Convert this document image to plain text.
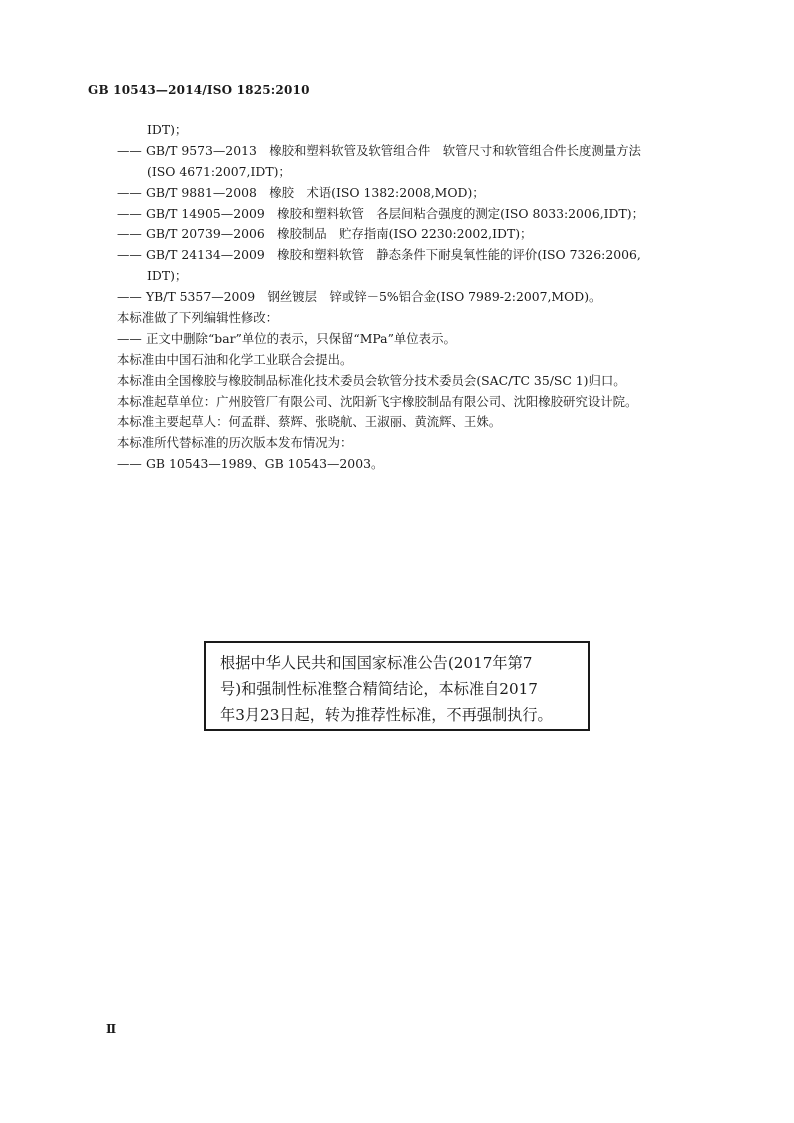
GB 10543—2014/ISO 1825:2010
IDT)；
—— GB/T 9573—2013　橡胶和塑料软管及软管组合件　软管尺寸和软管组合件长度测量方法
(ISO 4671:2007,IDT)；
—— GB/T 9881—2008　橡胶　术语(ISO 1382:2008,MOD)；
—— GB/T 14905—2009　橡胶和塑料软管　各层间粘合强度的测定(ISO 8033:2006,IDT)；
—— GB/T 20739—2006　橡胶制品　贮存指南(ISO 2230:2002,IDT)；
—— GB/T 24134—2009　橡胶和塑料软管　静态条件下耐臭氧性能的评价(ISO 7326:2006,
IDT)；
—— YB/T 5357—2009　钢丝镀层　锌或锌－5%铝合金(ISO 7989-2:2007,MOD)。
本标准做了下列编辑性修改：
—— 正文中删除“bar”单位的表示，只保留“MPa”单位表示。
本标准由中国石油和化学工业联合会提出。
本标准由全国橡胶与橡胶制品标准化技术委员会软管分技术委员会(SAC/TC 35/SC 1)归口。
本标准起草单位：广州胶管厂有限公司、沈阳新飞宇橡胶制品有限公司、沈阳橡胶研究设计院。
本标准主要起草人：何孟群、蔡辉、张晓航、王淑丽、黄流辉、王姝。
本标准所代替标准的历次版本发布情况为：
—— GB 10543—1989、GB 10543—2003。

根据中华人民共和国国家标准公告(2017年第7

号)和强制性标准整合精简结论，本标准自2017

年3月23日起，转为推荐性标准，不再强制执行。

Ⅱ
